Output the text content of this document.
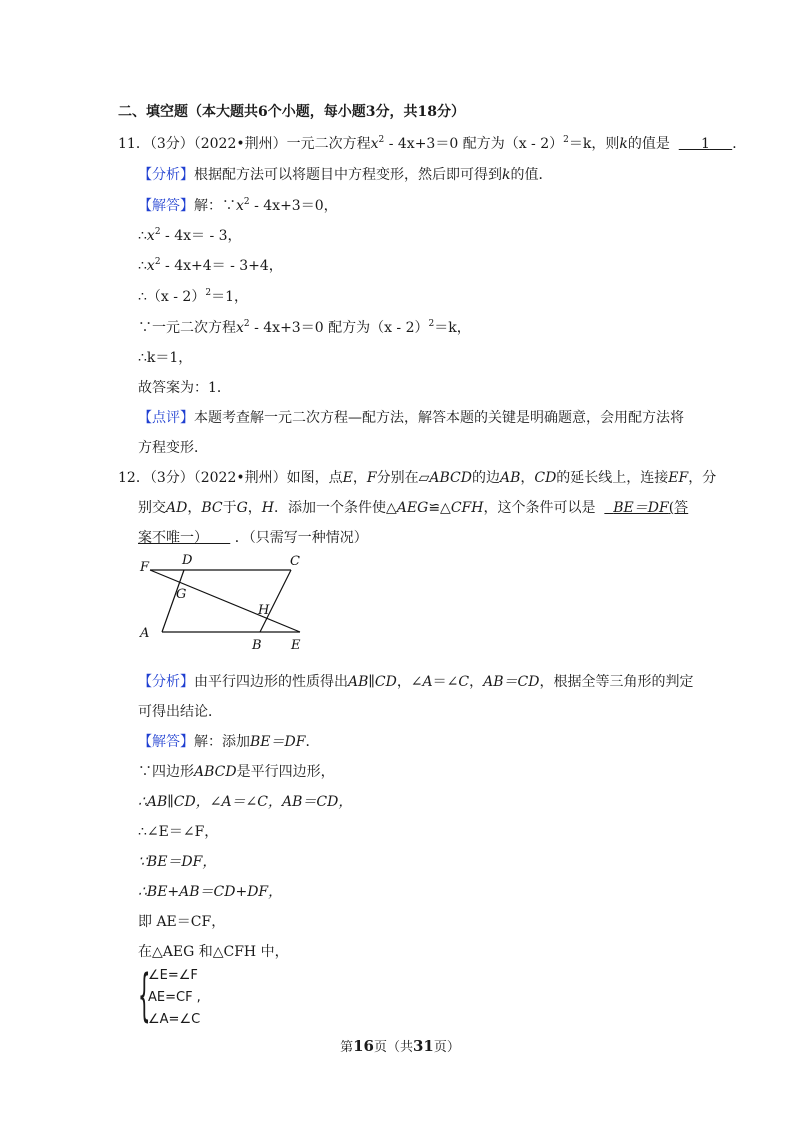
二、填空题（本大题共6个小题，每小题3分，共18分）
11．（3分）（2022•荆州）一元二次方程$x^2 - 4x+3=0$ 配方为（x - 2）$^2$＝k，则k的值是 1 ．
【分析】根据配方法可以将题目中方程变形，然后即可得到k的值．
【解答】解：$\because x^2 - 4x+3=0$，
$\therefore x^2 - 4x= - 3$，
$\therefore x^2 - 4x+4= - 3+4$，
∴（x - 2）$^2$＝1，
∵一元二次方程$x^2 - 4x+3=0$ 配方为（x - 2）$^2$＝k，
∴k＝1，
故答案为：1．
【点评】本题考查解一元二次方程—配方法，解答本题的关键是明确题意，会用配方法将
方程变形．
12．（3分）（2022•荆州）如图，点E，F分别在▱ABCD的边AB，CD的延长线上，连接EF，分
别交AD，BC于G，H．添加一个条件使△AEG≌△CFH，这个条件可以是 BE＝DF(答
案不唯一） ．（只需写一种情况）
F	D	C
G
H
A
B E
【分析】由平行四边形的性质得出AB∥CD，∠A＝∠C，AB＝CD，根据全等三角形的判定
可得出结论．
【解答】解：添加BE＝DF．
∵四边形ABCD是平行四边形，
∴AB∥CD，∠A＝∠C，AB＝CD，
∴∠E＝∠F，
∵BE＝DF，
∴BE+AB＝CD+DF，
即 AE＝CF，
在△AEG 和△CFH 中，
{
∠E=∠F
AE=CF ,
∠A=∠C
第16页（共31页）
